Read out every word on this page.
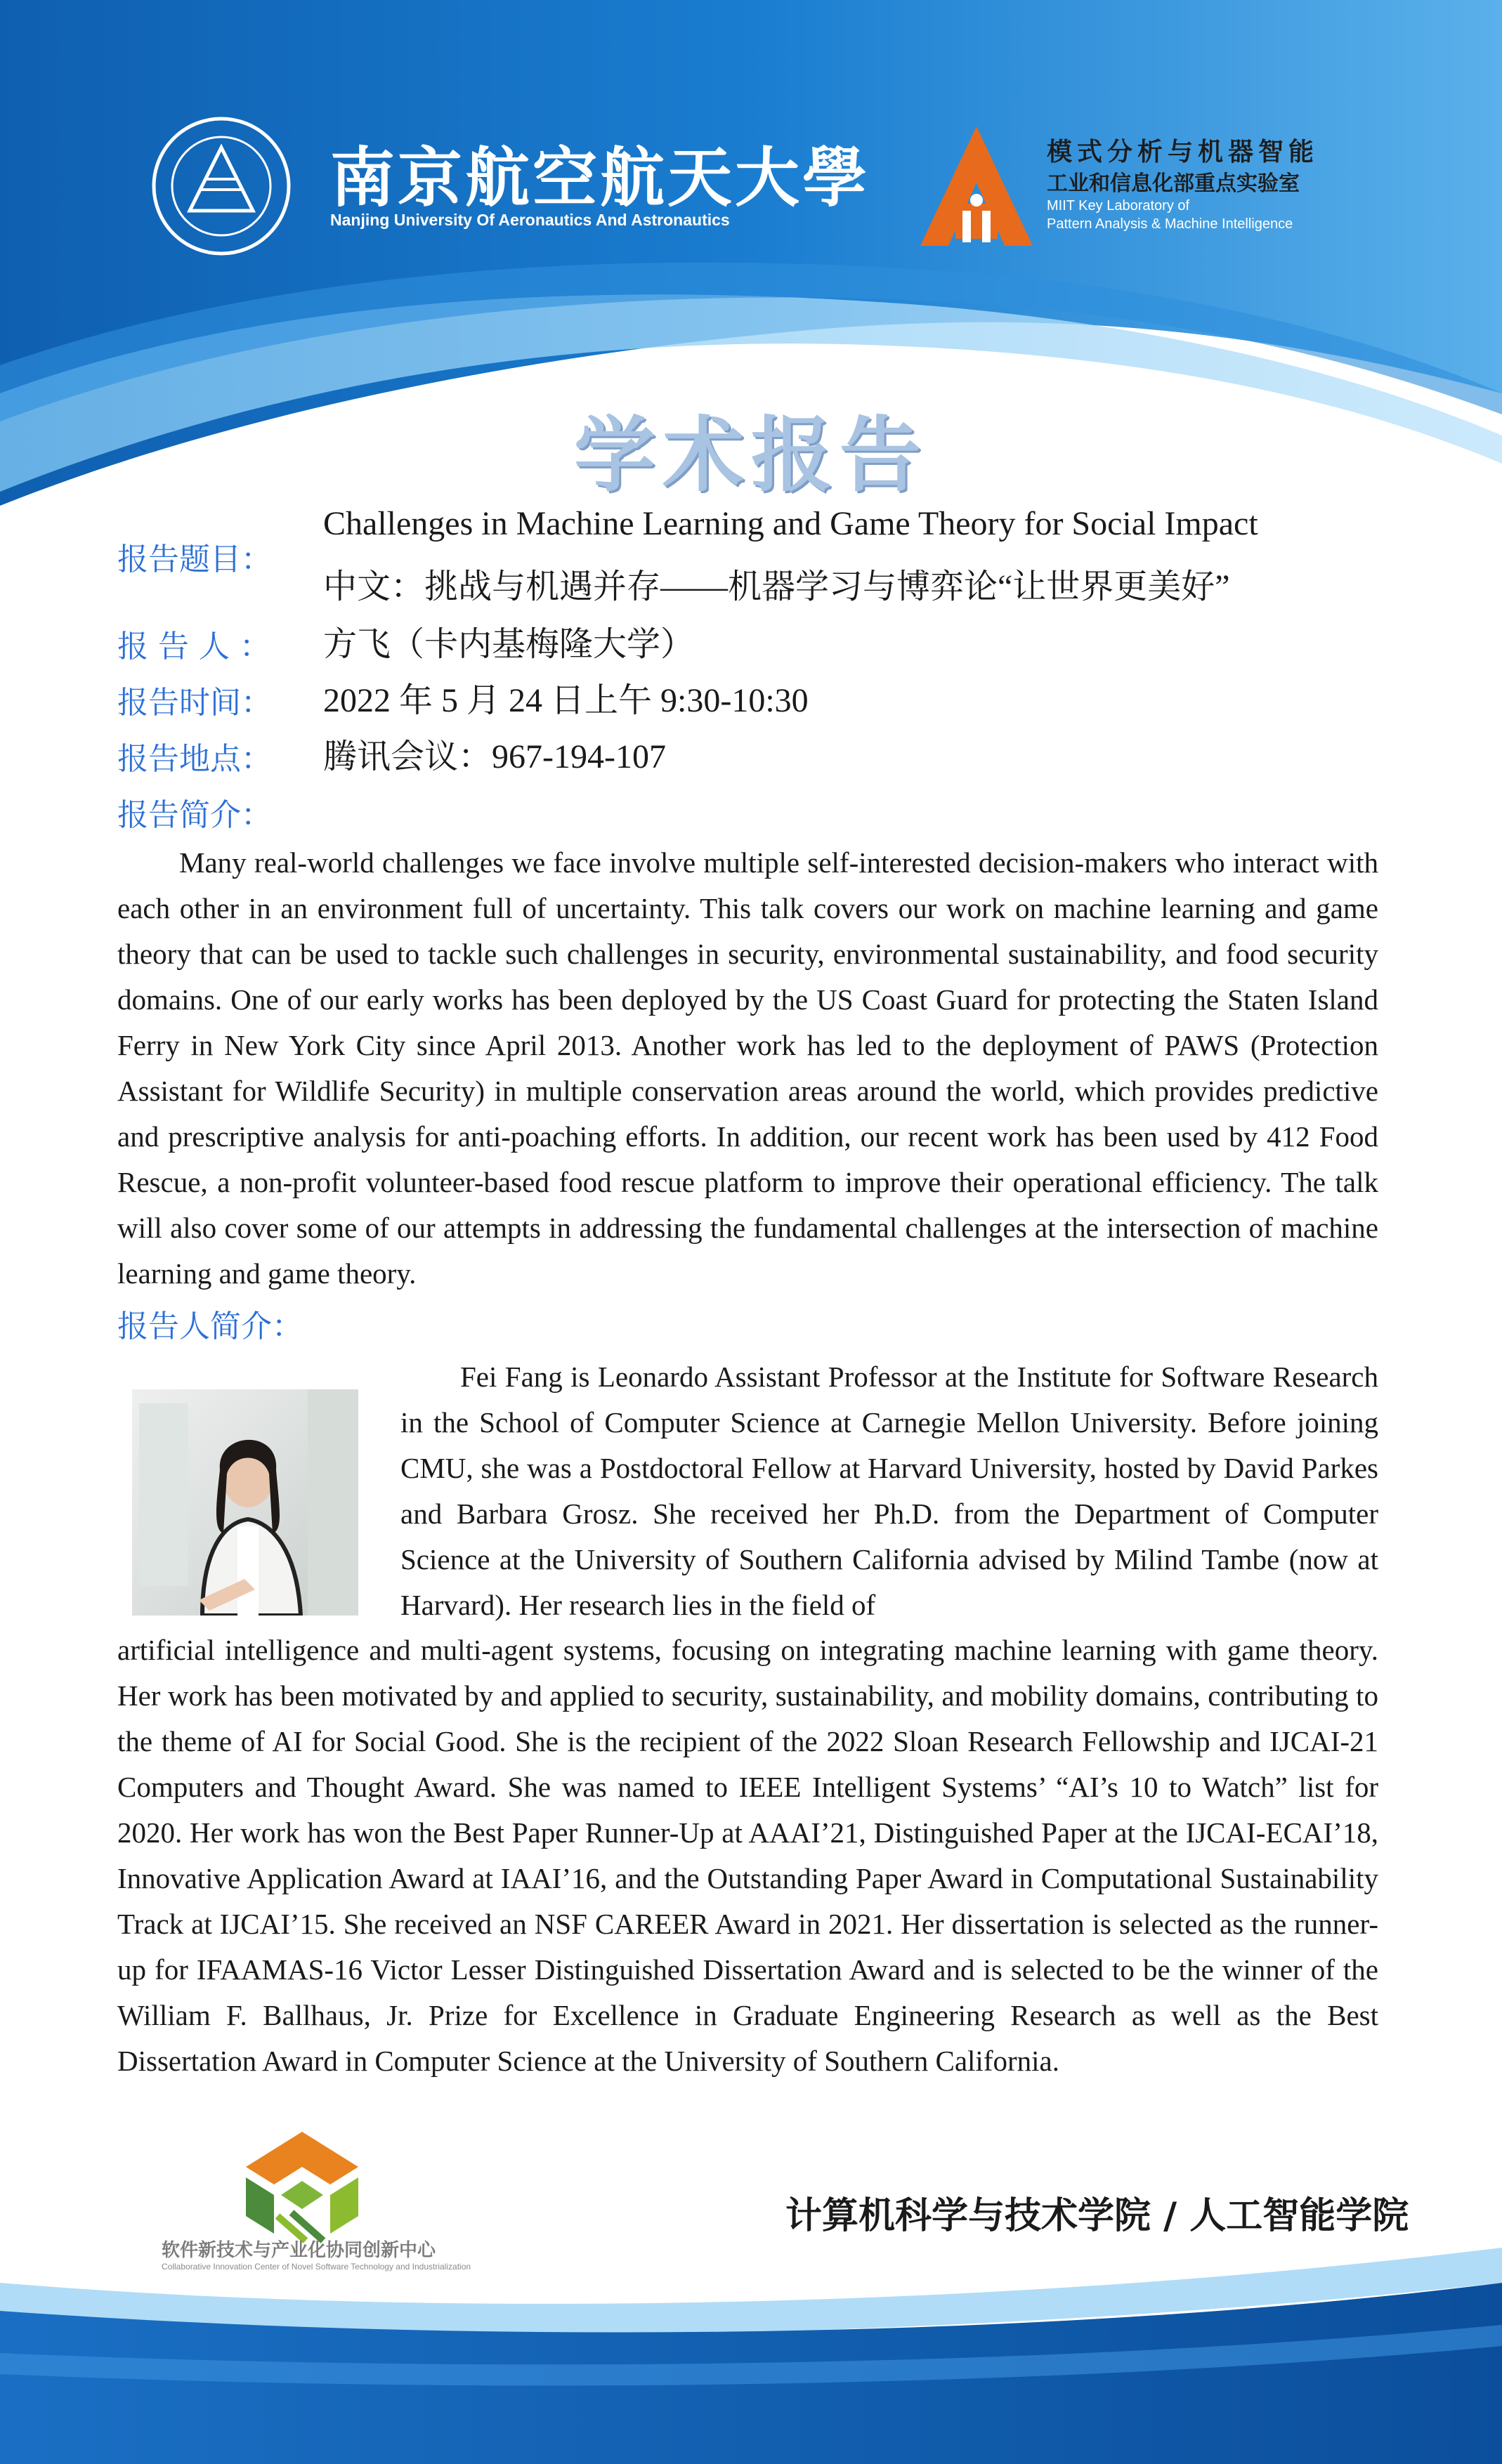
南京航空航天大學
Nanjing University Of Aeronautics And Astronautics
模式分析与机器智能
工业和信息化部重点实验室
MIIT Key Laboratory of
Pattern Analysis & Machine Intelligence
学术报告
报告题目：
Challenges in Machine Learning and Game Theory for Social Impact
中文：挑战与机遇并存——机器学习与博弈论“让世界更美好”
报 告 人 ： 方飞（卡内基梅隆大学）
报告时间： 2022 年 5 月 24 日上午 9:30-10:30
报告地点： 腾讯会议：967-194-107
报告简介：
Many real-world challenges we face involve multiple self-interested decision-makers who interact with each other in an environment full of uncertainty. This talk covers our work on machine learning and game theory that can be used to tackle such challenges in security, environmental sustainability, and food security domains. One of our early works has been deployed by the US Coast Guard for protecting the Staten Island Ferry in New York City since April 2013. Another work has led to the deployment of PAWS (Protection Assistant for Wildlife Security) in multiple conservation areas around the world, which provides predictive and prescriptive analysis for anti-poaching efforts. In addition, our recent work has been used by 412 Food Rescue, a non-profit volunteer-based food rescue platform to improve their operational efficiency. The talk will also cover some of our attempts in addressing the fundamental challenges at the intersection of machine learning and game theory.
报告人简介：
Fei Fang is Leonardo Assistant Professor at the Institute for Software Research in the School of Computer Science at Carnegie Mellon University. Before joining CMU, she was a Postdoctoral Fellow at Harvard University, hosted by David Parkes and Barbara Grosz. She received her Ph.D. from the Department of Computer Science at the University of Southern California advised by Milind Tambe (now at Harvard). Her research lies in the field of
artificial intelligence and multi-agent systems, focusing on integrating machine learning with game theory. Her work has been motivated by and applied to security, sustainability, and mobility domains, contributing to the theme of AI for Social Good. She is the recipient of the 2022 Sloan Research Fellowship and IJCAI-21 Computers and Thought Award. She was named to IEEE Intelligent Systems’ “AI’s 10 to Watch” list for 2020. Her work has won the Best Paper Runner-Up at AAAI’21, Distinguished Paper at the IJCAI-ECAI’18, Innovative Application Award at IAAI’16, and the Outstanding Paper Award in Computational Sustainability Track at IJCAI’15. She received an NSF CAREER Award in 2021. Her dissertation is selected as the runner-up for IFAAMAS-16 Victor Lesser Distinguished Dissertation Award and is selected to be the winner of the William F. Ballhaus, Jr. Prize for Excellence in Graduate Engineering Research as well as the Best Dissertation Award in Computer Science at the University of Southern California.
软件新技术与产业化协同创新中心
Collaborative Innovation Center of Novel Software Technology and Industrialization
计算机科学与技术学院 / 人工智能学院
